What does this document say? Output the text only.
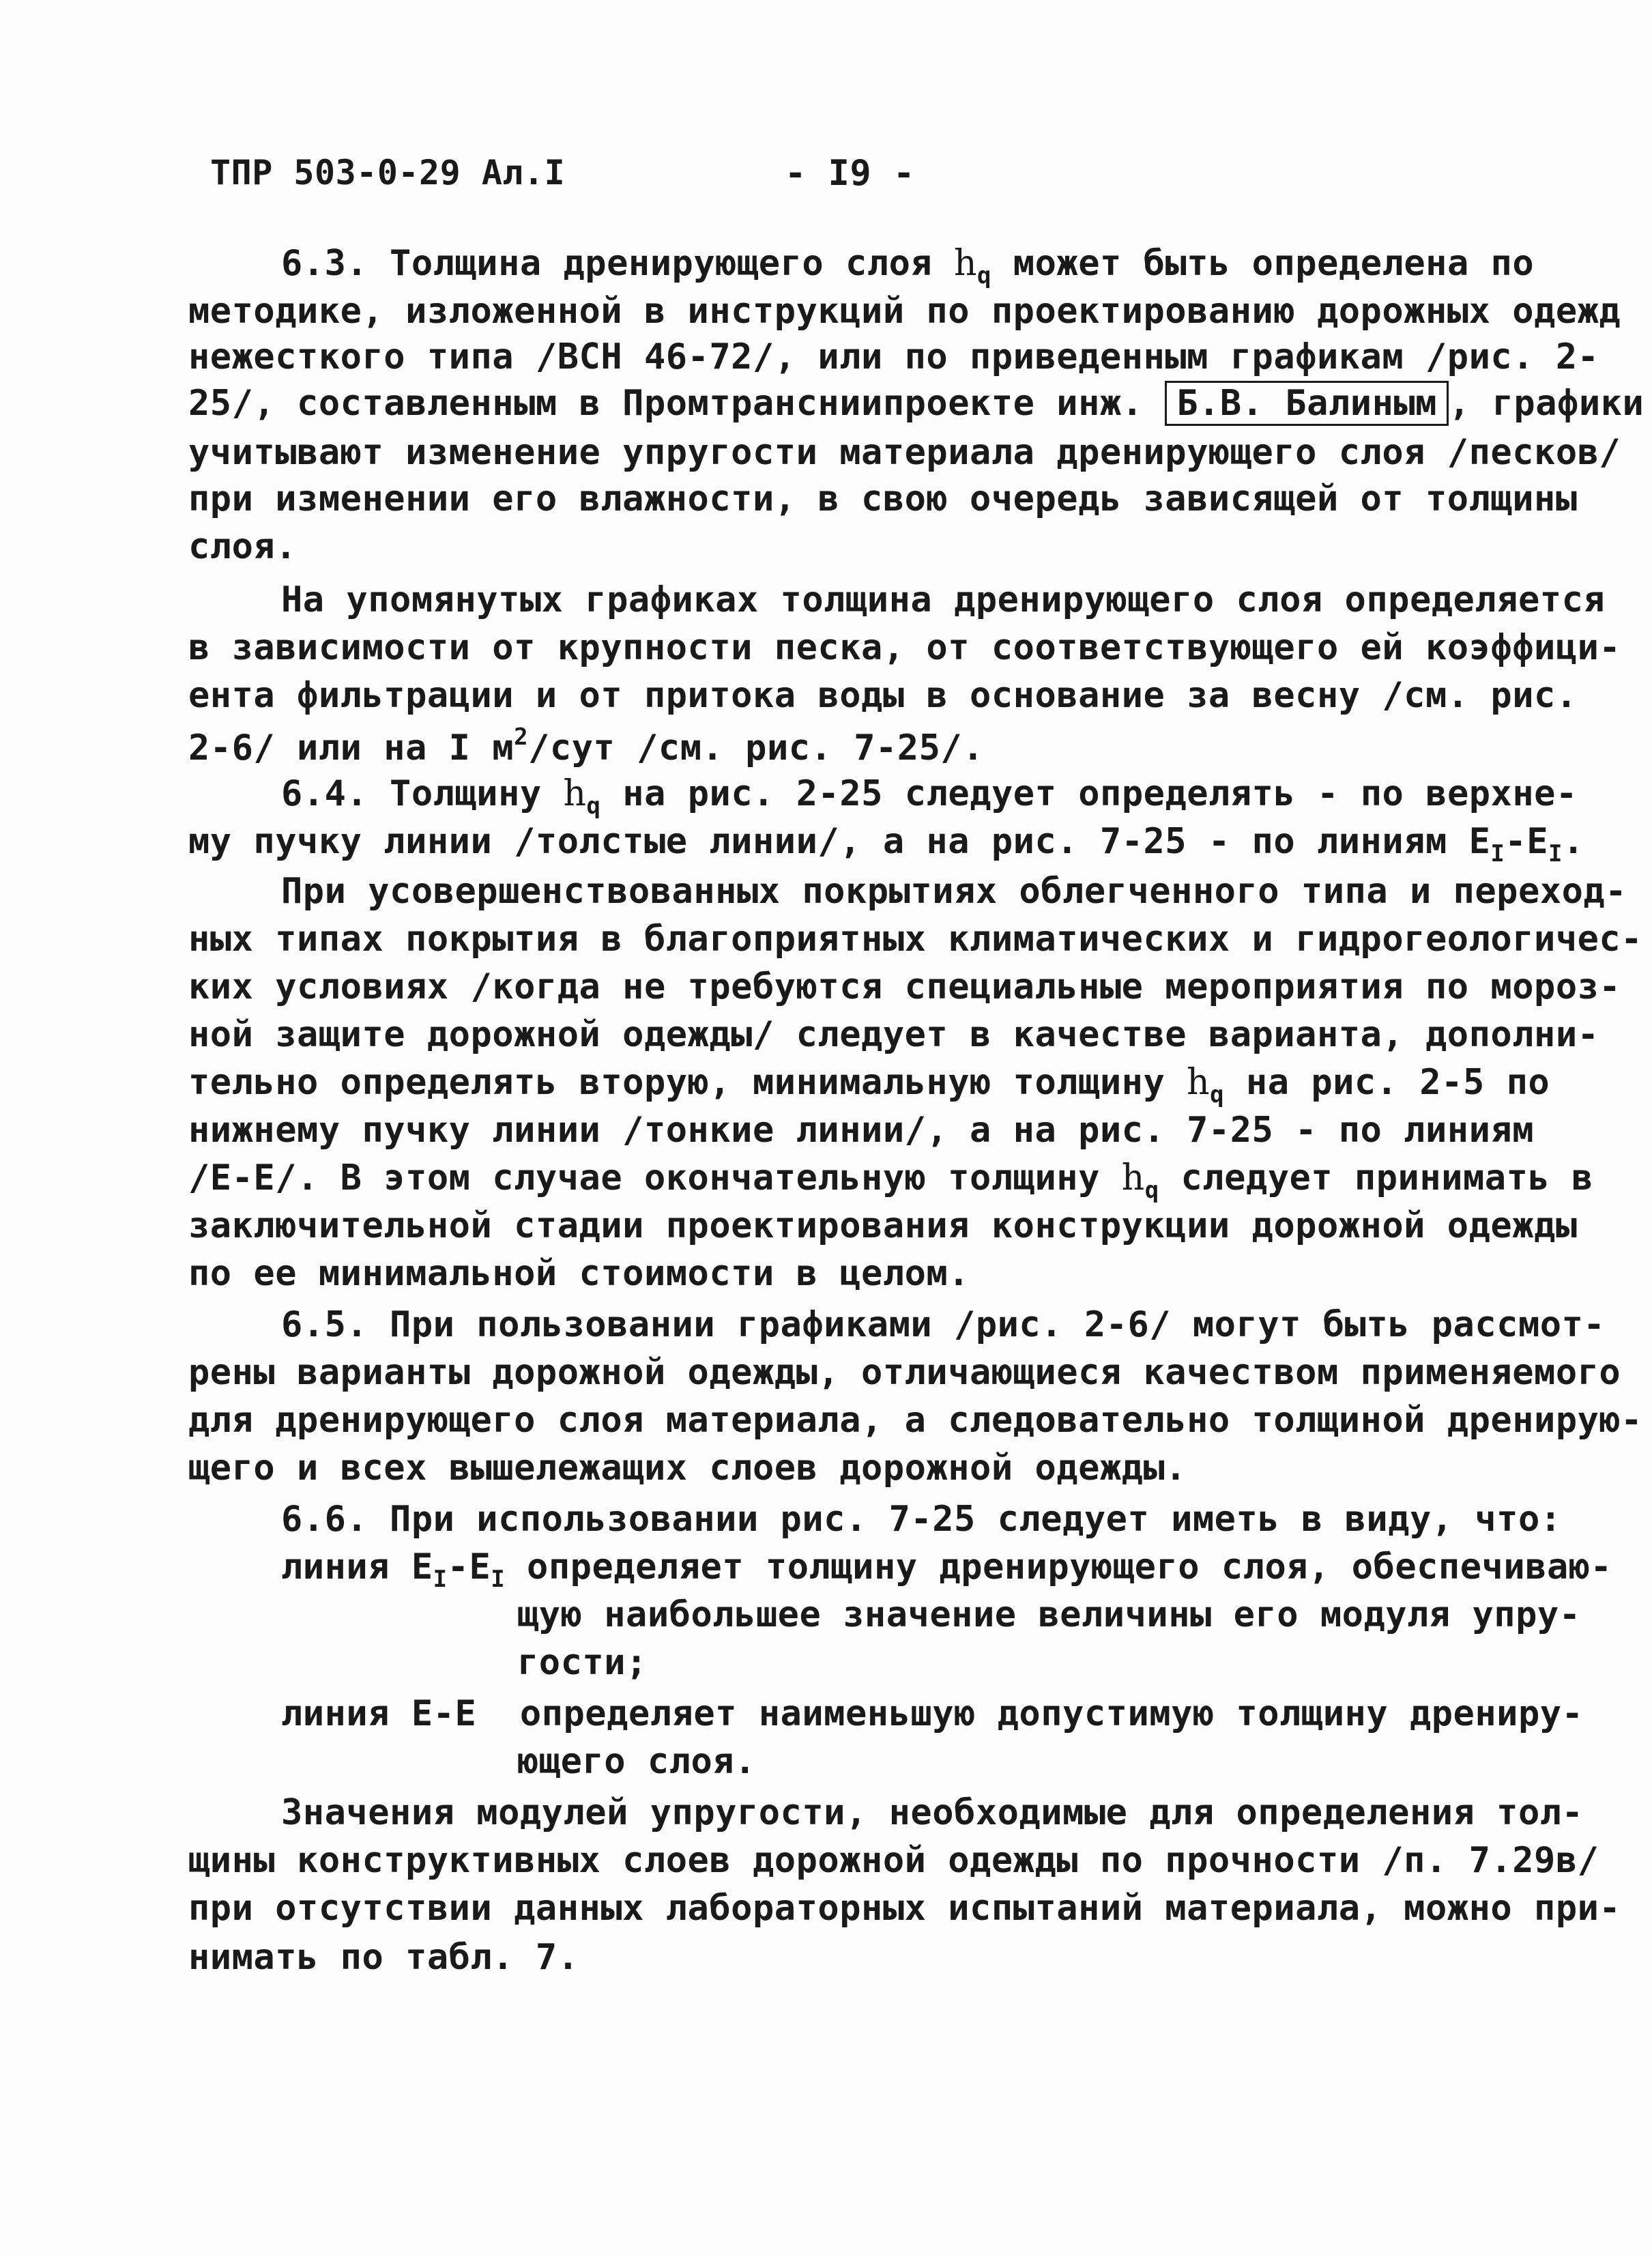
ТПР 503-0-29 Ал.I	- I9 -
6.3. Толщина дренирующего слоя $h_q$ может быть определена по
методике, изложенной в инструкций по проектированию дорожных одежд
нежесткого типа /ВСН 46-72/, или по приведенным графикам /рис. 2-
25/, составленным в Промтрансниипроекте инж. Б.В. Балиным , графики
учитывают изменение упругости материала дренирующего слоя /песков/
при изменении его влажности, в свою очередь зависящей от толщины
слоя.
На упомянутых графиках толщина дренирующего слоя определяется
в зависимости от крупности песка, от соответствующего ей коэффици-
ента фильтрации и от притока воды в основание за весну /см. рис.
2-6/ или на I $м^2$/сут /см. рис. 7-25/.
6.4. Толщину $h_q$ на рис. 2-25 следует определять - по верхне-
му пучку линии /толстые линии/, а на рис. 7-25 - по линиям $E_I-E_I$.
При усовершенствованных покрытиях облегченного типа и переход-
ных типах покрытия в благоприятных климатических и гидрогеологичес-
ких условиях /когда не требуются специальные мероприятия по мороз-
ной защите дорожной одежды/ следует в качестве варианта, дополни-
тельно определять вторую, минимальную толщину $h_q$ на рис. 2-5 по
нижнему пучку линии /тонкие линии/, а на рис. 7-25 - по линиям
/Е-Е/. В этом случае окончательную толщину $h_q$ следует принимать в
заключительной стадии проектирования конструкции дорожной одежды
по ее минимальной стоимости в целом.
6.5. При пользовании графиками /рис. 2-6/ могут быть рассмот-
рены варианты дорожной одежды, отличающиеся качеством применяемого
для дренирующего слоя материала, а следовательно толщиной дренирую-
щего и всех вышележащих слоев дорожной одежды.
6.6. При использовании рис. 7-25 следует иметь в виду, что:
линия $E_I-E_I$ определяет толщину дренирующего слоя, обеспечиваю-
щую наибольшее значение величины его модуля упру-
гости;
линия Е-Е  определяет наименьшую допустимую толщину дрениру-
ющего слоя.
Значения модулей упругости, необходимые для определения тол-
щины конструктивных слоев дорожной одежды по прочности /п. 7.29в/
при отсутствии данных лабораторных испытаний материала, можно при-
нимать по табл. 7.
